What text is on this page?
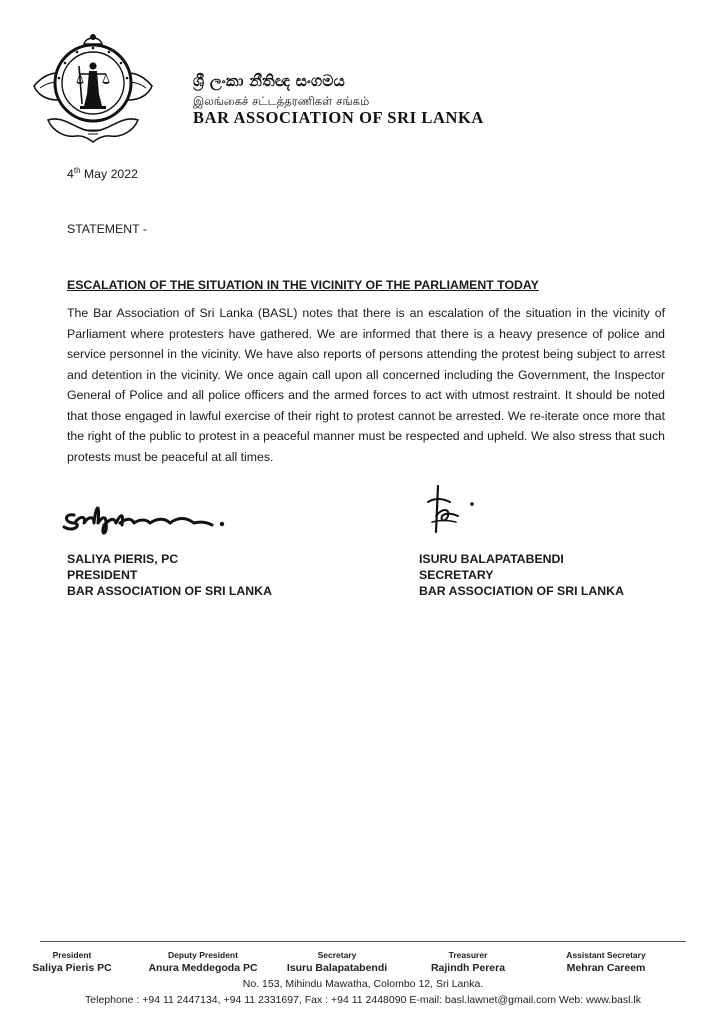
ශ්‍රී ලංකා නීතිඥ සංගමය
இலங்கைச் சட்டத்தரணிகள் சங்கம்
BAR ASSOCIATION OF SRI LANKA
4th May 2022
STATEMENT -
ESCALATION OF THE SITUATION IN THE VICINITY OF THE PARLIAMENT TODAY
The Bar Association of Sri Lanka (BASL) notes that there is an escalation of the situation in the vicinity of Parliament where protesters have gathered. We are informed that there is a heavy presence of police and service personnel in the vicinity. We have also reports of persons attending the protest being subject to arrest and detention in the vicinity. We once again call upon all concerned including the Government, the Inspector General of Police and all police officers and the armed forces to act with utmost restraint. It should be noted that those engaged in lawful exercise of their right to protest cannot be arrested. We re-iterate once more that the right of the public to protest in a peaceful manner must be respected and upheld. We also stress that such protests must be peaceful at all times.
SALIYA PIERIS, PC
PRESIDENT
BAR ASSOCIATION OF SRI LANKA
ISURU BALAPATABENDI
SECRETARY
BAR ASSOCIATION OF SRI LANKA
President
Saliya Pieris PC
Deputy President
Anura Meddegoda PC
Secretary
Isuru Balapatabendi
Treasurer
Rajindh Perera
Assistant Secretary
Mehran Careem
No. 153, Mihindu Mawatha, Colombo 12, Sri Lanka.
Telephone : +94 11 2447134, +94 11 2331697, Fax : +94 11 2448090 E-mail: basl.lawnet@gmail.com Web: www.basl.lk
